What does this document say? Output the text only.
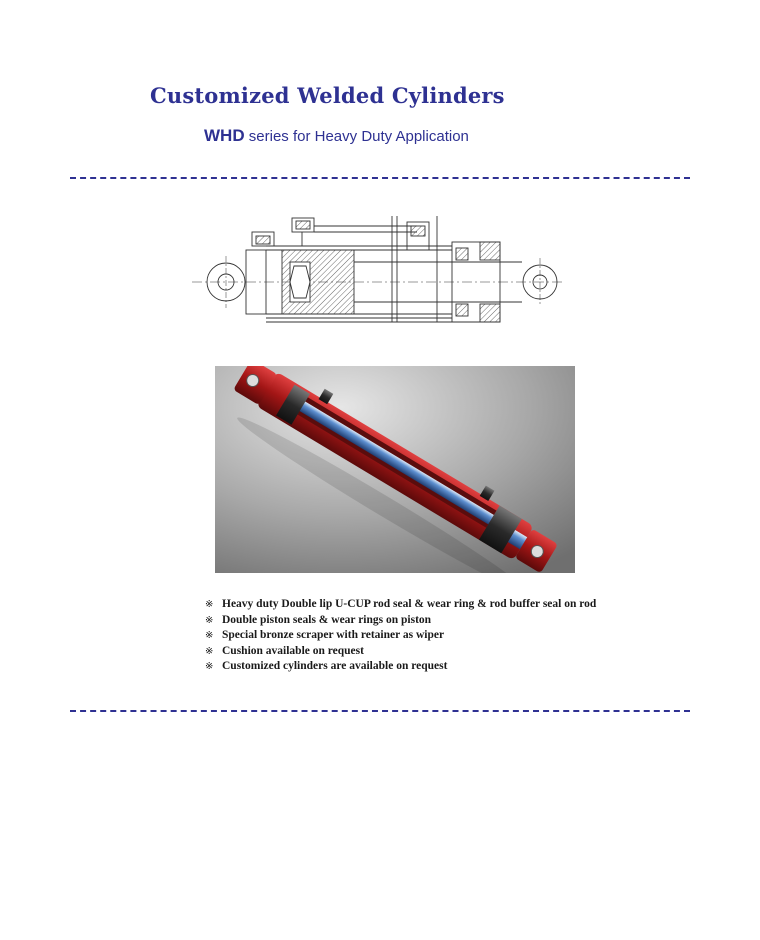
Customized Welded Cylinders
WHD series for Heavy Duty Application
※ Heavy duty Double lip U-CUP rod seal & wear ring & rod buffer seal on rod
※ Double piston seals & wear rings on piston
※ Special bronze scraper with retainer as wiper
※ Cushion available on request
※ Customized cylinders are available on request
